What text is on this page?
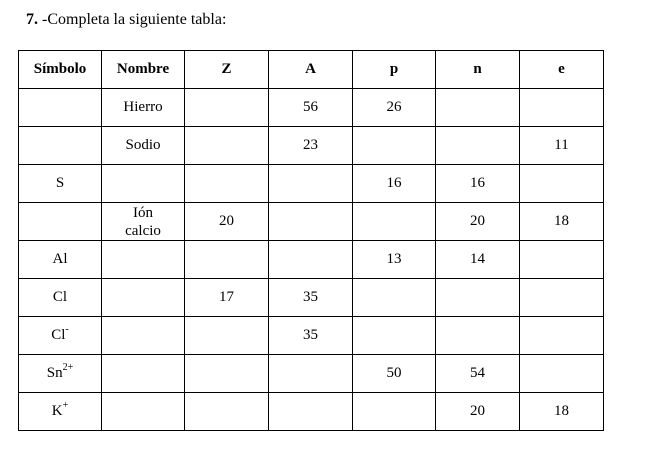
7. -Completa la siguiente tabla:
Símbolo	Nombre	Z	A	p	n	e
	Hierro		56	26		
	Sodio		23			11
S				16	16	
	Ión calcio	20			20	18
Al				13	14	
Cl		17	35			
Cl-			35			
$Sn^{2+}$				50	54	
K+					20	18
